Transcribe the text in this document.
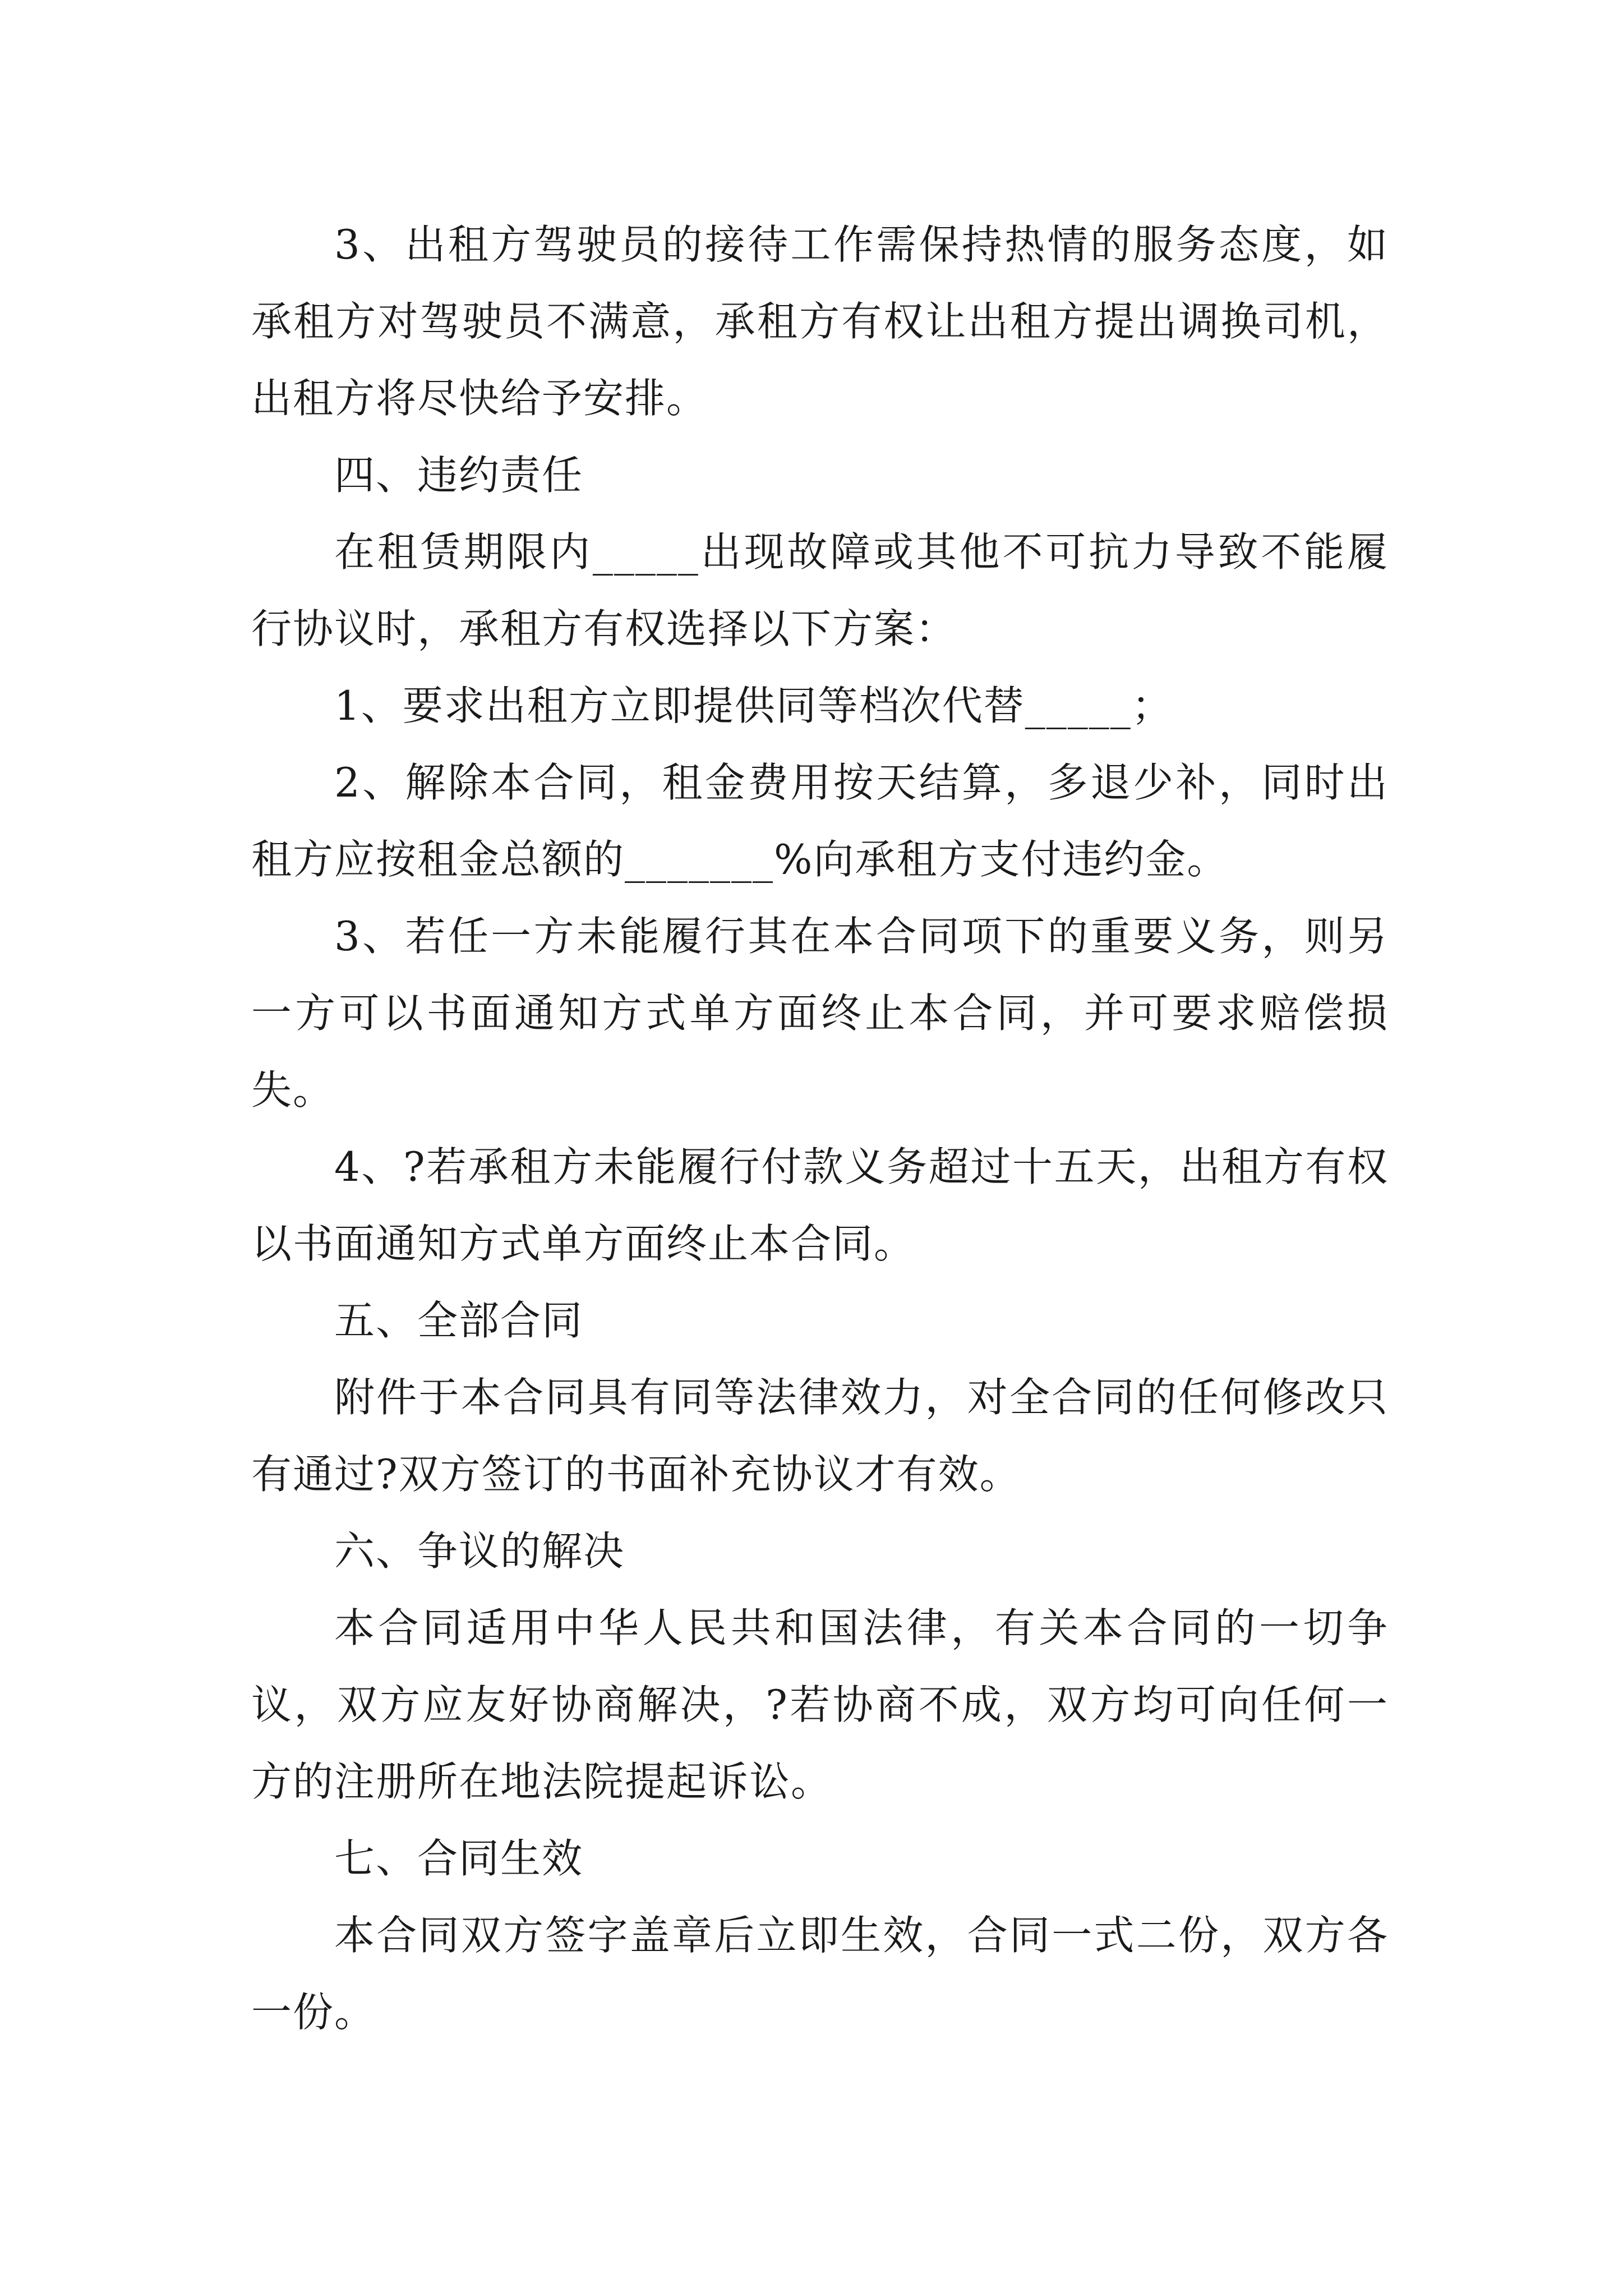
3、出租方驾驶员的接待工作需保持热情的服务态度，如承租方对驾驶员不满意，承租方有权让出租方提出调换司机，出租方将尽快给予安排。

四、违约责任

在租赁期限内_____出现故障或其他不可抗力导致不能履行协议时，承租方有权选择以下方案：

1、要求出租方立即提供同等档次代替_____；

2、解除本合同，租金费用按天结算，多退少补，同时出租方应按租金总额的_______%向承租方支付违约金。

3、若任一方未能履行其在本合同项下的重要义务，则另一方可以书面通知方式单方面终止本合同，并可要求赔偿损失。

4、?若承租方未能履行付款义务超过十五天，出租方有权以书面通知方式单方面终止本合同。

五、全部合同

附件于本合同具有同等法律效力，对全合同的任何修改只有通过?双方签订的书面补充协议才有效。

六、争议的解决

本合同适用中华人民共和国法律，有关本合同的一切争议，双方应友好协商解决，?若协商不成，双方均可向任何一方的注册所在地法院提起诉讼。

七、合同生效

本合同双方签字盖章后立即生效，合同一式二份，双方各一份。
